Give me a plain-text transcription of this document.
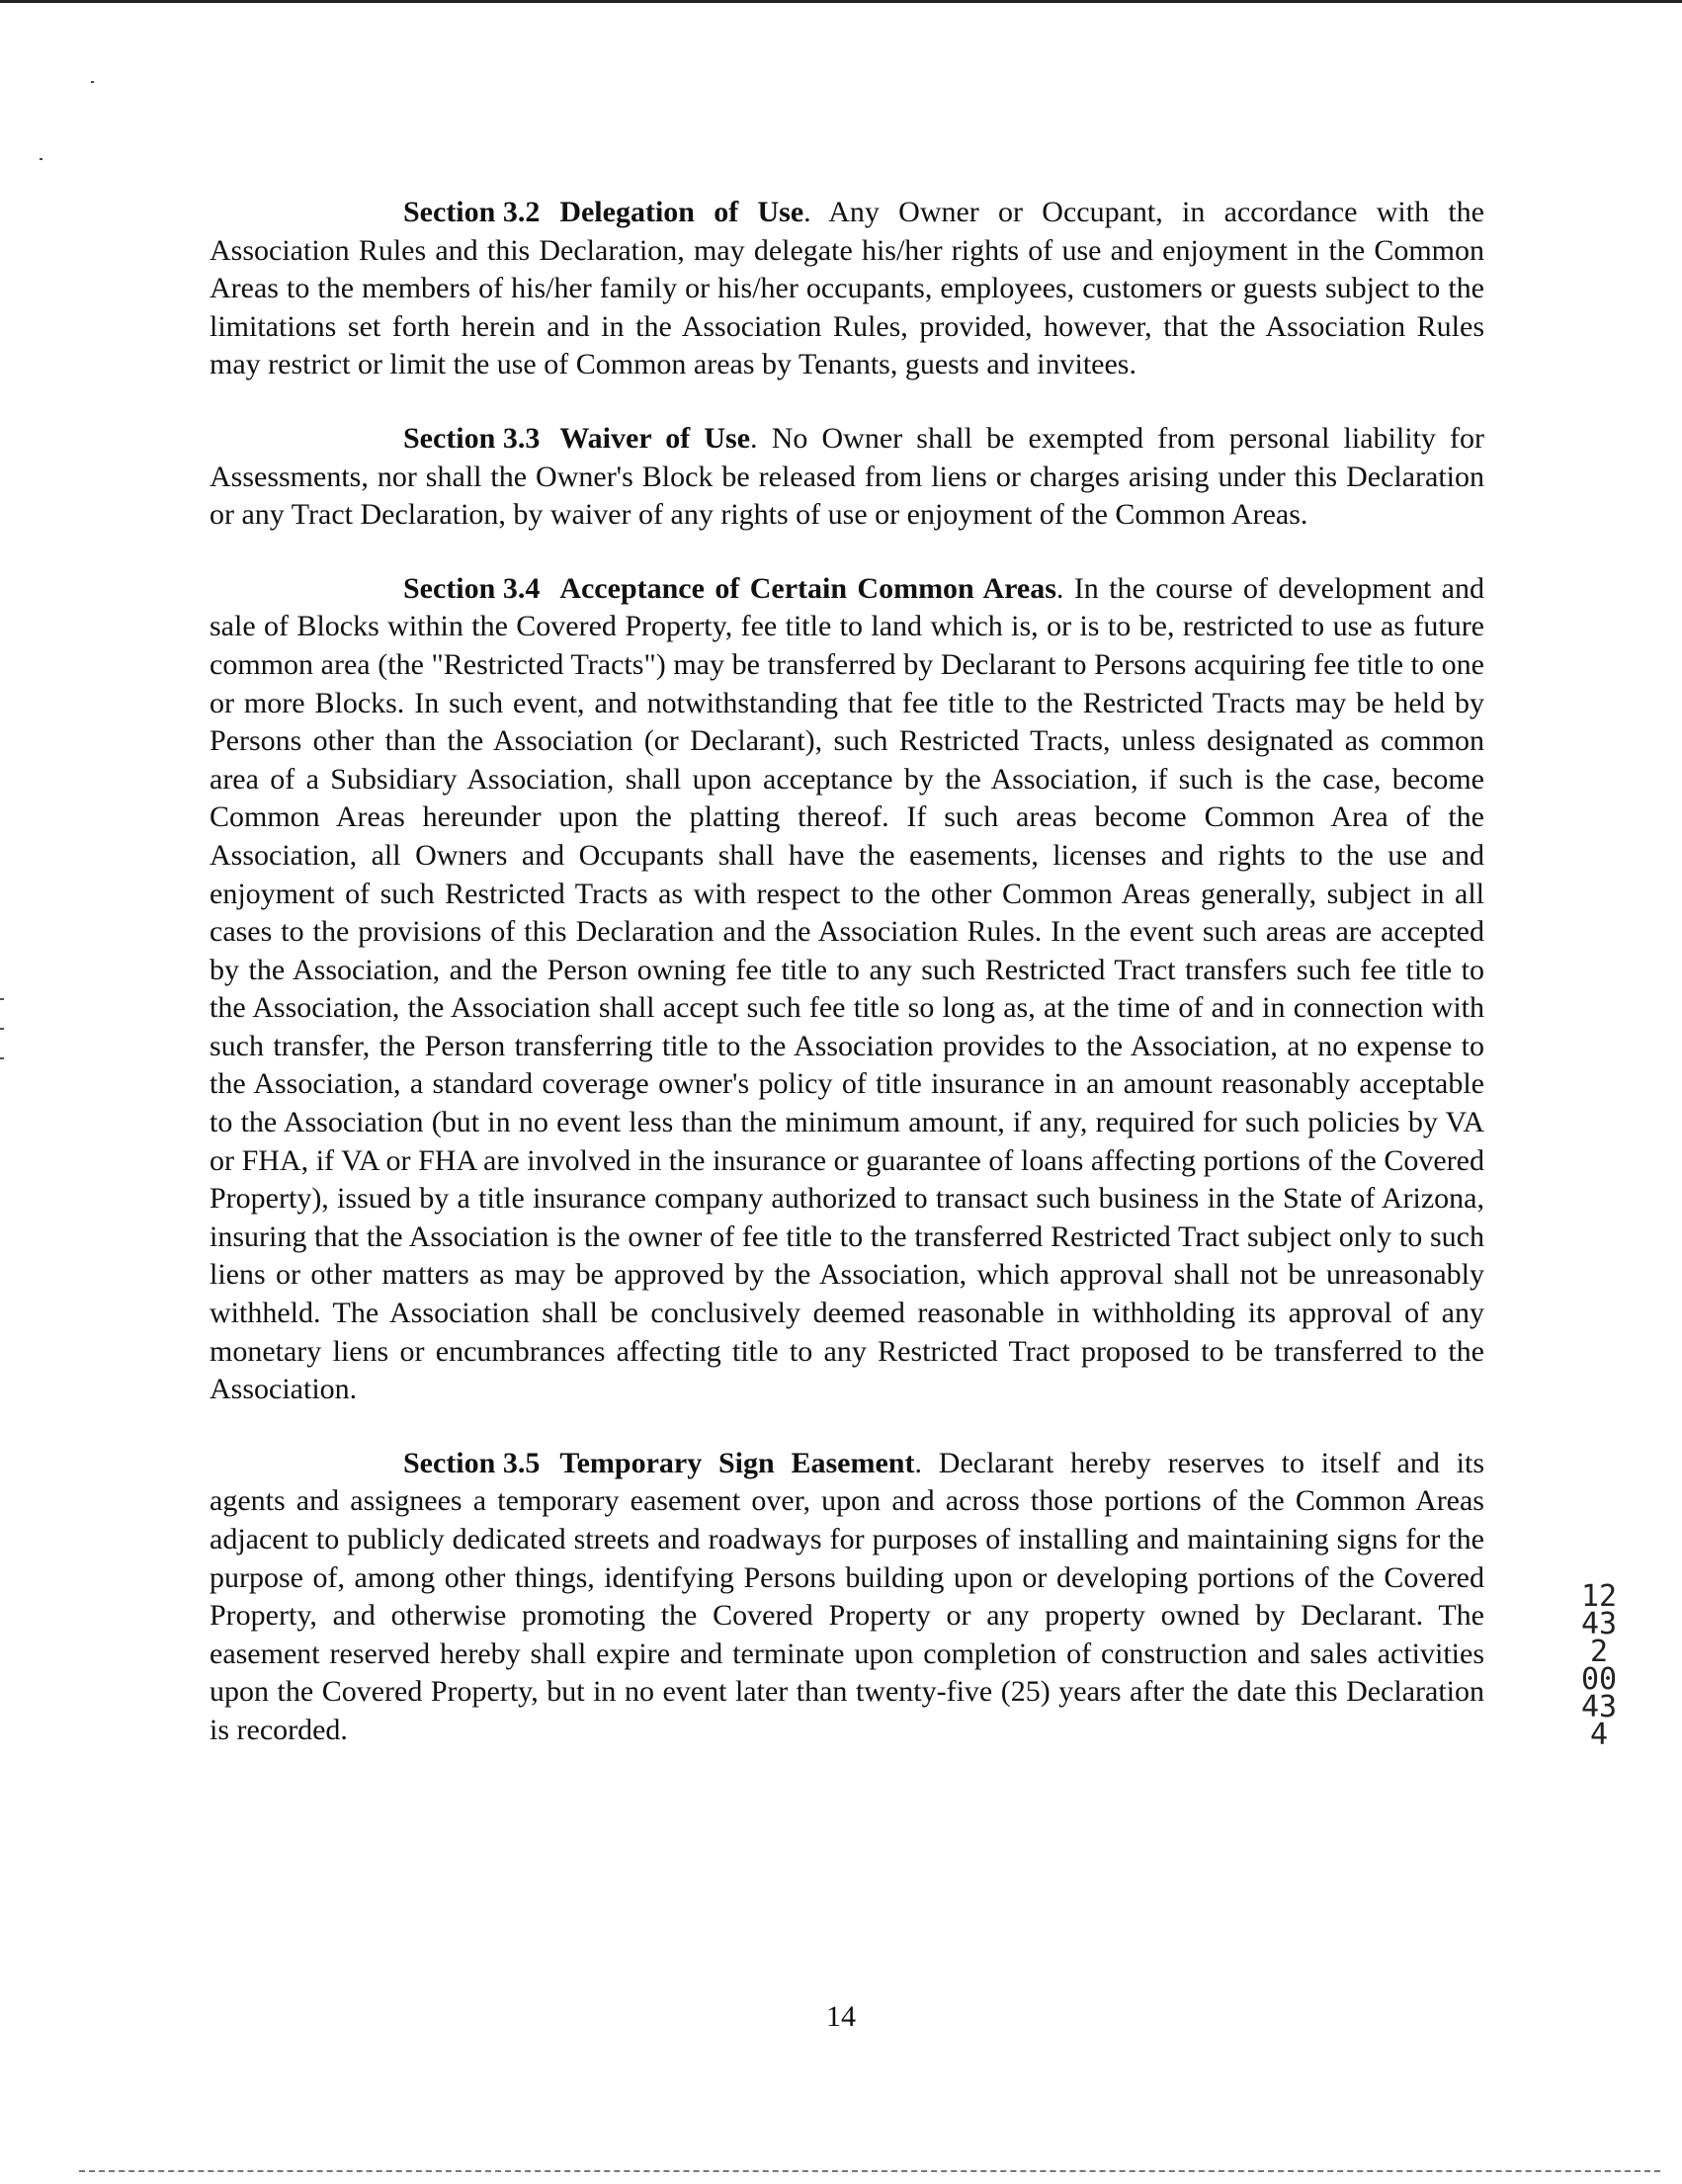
Section 3.2 Delegation of Use. Any Owner or Occupant, in accordance with the Association Rules and this Declaration, may delegate his/her rights of use and enjoyment in the Common Areas to the members of his/her family or his/her occupants, employees, customers or guests subject to the limitations set forth herein and in the Association Rules, provided, however, that the Association Rules may restrict or limit the use of Common areas by Tenants, guests and invitees.

Section 3.3 Waiver of Use. No Owner shall be exempted from personal liability for Assessments, nor shall the Owner's Block be released from liens or charges arising under this Declaration or any Tract Declaration, by waiver of any rights of use or enjoyment of the Common Areas.

Section 3.4 Acceptance of Certain Common Areas. In the course of development and sale of Blocks within the Covered Property, fee title to land which is, or is to be, restricted to use as future common area (the "Restricted Tracts") may be transferred by Declarant to Persons acquiring fee title to one or more Blocks. In such event, and notwithstanding that fee title to the Restricted Tracts may be held by Persons other than the Association (or Declarant), such Restricted Tracts, unless designated as common area of a Subsidiary Association, shall upon acceptance by the Association, if such is the case, become Common Areas hereunder upon the platting thereof. If such areas become Common Area of the Association, all Owners and Occupants shall have the easements, licenses and rights to the use and enjoyment of such Restricted Tracts as with respect to the other Common Areas generally, subject in all cases to the provisions of this Declaration and the Association Rules. In the event such areas are accepted by the Association, and the Person owning fee title to any such Restricted Tract transfers such fee title to the Association, the Association shall accept such fee title so long as, at the time of and in connection with such transfer, the Person transferring title to the Association provides to the Association, at no expense to the Association, a standard coverage owner's policy of title insurance in an amount reasonably acceptable to the Association (but in no event less than the minimum amount, if any, required for such policies by VA or FHA, if VA or FHA are involved in the insurance or guarantee of loans affecting portions of the Covered Property), issued by a title insurance company authorized to transact such business in the State of Arizona, insuring that the Association is the owner of fee title to the transferred Restricted Tract subject only to such liens or other matters as may be approved by the Association, which approval shall not be unreasonably withheld. The Association shall be conclusively deemed reasonable in withholding its approval of any monetary liens or encumbrances affecting title to any Restricted Tract proposed to be transferred to the Association.

Section 3.5 Temporary Sign Easement. Declarant hereby reserves to itself and its agents and assignees a temporary easement over, upon and across those portions of the Common Areas adjacent to publicly dedicated streets and roadways for purposes of installing and maintaining signs for the purpose of, among other things, identifying Persons building upon or developing portions of the Covered Property, and otherwise promoting the Covered Property or any property owned by Declarant. The easement reserved hereby shall expire and terminate upon completion of construction and sales activities upon the Covered Property, but in no event later than twenty-five (25) years after the date this Declaration is recorded.

12432 00434
14
